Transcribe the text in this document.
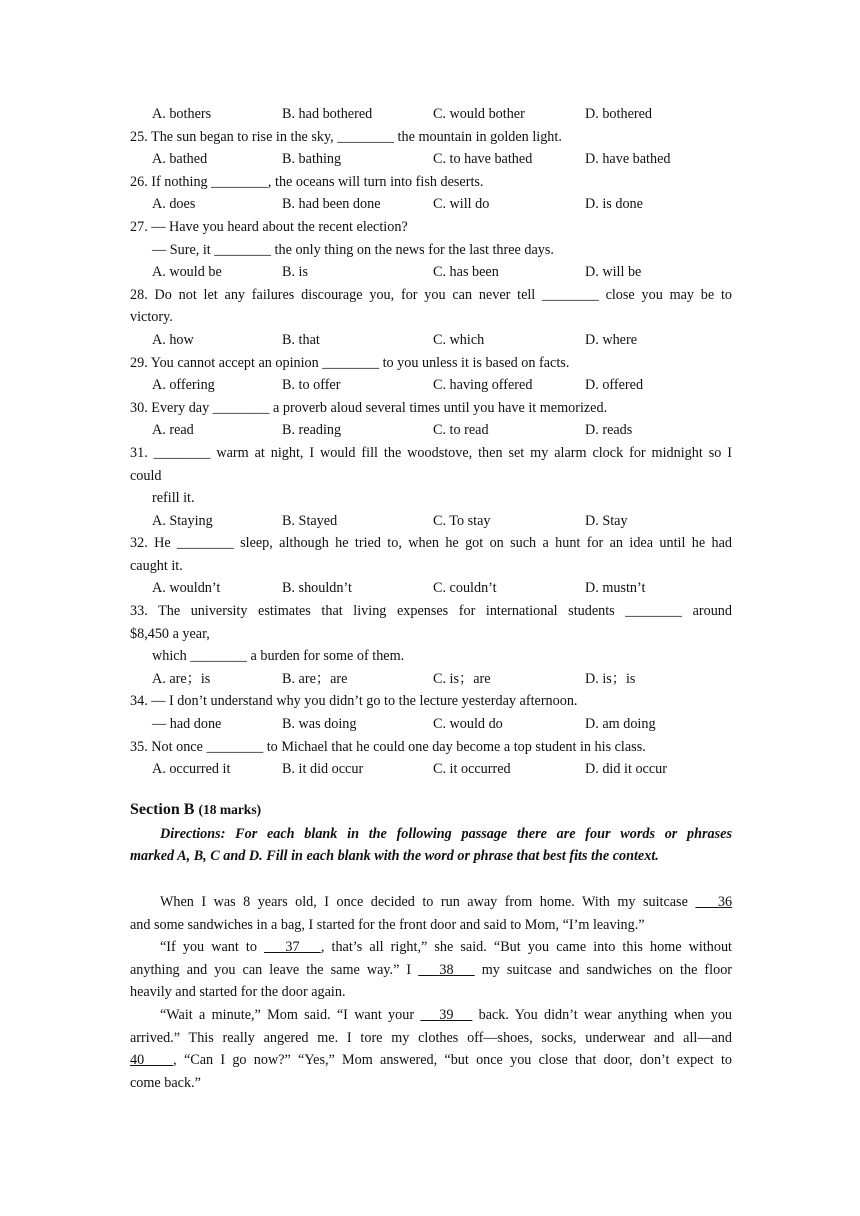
A. bothers	B. had bothered	C. would bother	D. bothered
25. The sun began to rise in the sky, ________ the mountain in golden light.
A. bathed	B. bathing	C. to have bathed	D. have bathed
26. If nothing ________, the oceans will turn into fish deserts.
A. does	B. had been done	C. will do	D. is done
27. — Have you heard about the recent election?
— Sure, it ________ the only thing on the news for the last three days.
A. would be	B. is	C. has been	D. will be
28. Do not let any failures discourage you, for you can never tell ________ close you may be to
victory.
A. how	B. that	C. which	D. where
29. You cannot accept an opinion ________ to you unless it is based on facts.
A. offering	B. to offer	C. having offered	D. offered
30. Every day ________ a proverb aloud several times until you have it memorized.
A. read	B. reading	C. to read	D. reads
31. ________ warm at night, I would fill the woodstove, then set my alarm clock for midnight so I
could
refill it.
A. Staying	B. Stayed	C. To stay	D. Stay
32. He ________ sleep, although he tried to, when he got on such a hunt for an idea until he had
caught it.
A. wouldn’t	B. shouldn’t	C. couldn’t	D. mustn’t
33. The university estimates that living expenses for international students ________ around
$8,450 a year,
which ________ a burden for some of them.
A. are；is	B. are；are	C. is；are	D. is；is
34. — I don’t understand why you didn’t go to the lecture yesterday afternoon.
— had done	B. was doing	C. would do	D. am doing
35. Not once ________ to Michael that he could one day become a top student in his class.
A. occurred it	B. it did occur	C. it occurred	D. did it occur
Section B (18 marks)
Directions: For each blank in the following passage there are four words or phrases
marked A, B, C and D. Fill in each blank with the word or phrase that best fits the context.
When I was 8 years old, I once decided to run away from home. With my suitcase 36
and some sandwiches in a bag, I started for the front door and said to Mom, “I’m leaving.”
“If you want to 37 , that’s all right,” she said. “But you came into this home without
anything and you can leave the same way.” I 38 my suitcase and sandwiches on the floor
heavily and started for the door again.
“Wait a minute,” Mom said. “I want your 39 back. You didn’t wear anything when you
arrived.” This really angered me. I tore my clothes off—shoes, socks, underwear and all—and
40 , “Can I go now?” “Yes,” Mom answered, “but once you close that door, don’t expect to
come back.”
